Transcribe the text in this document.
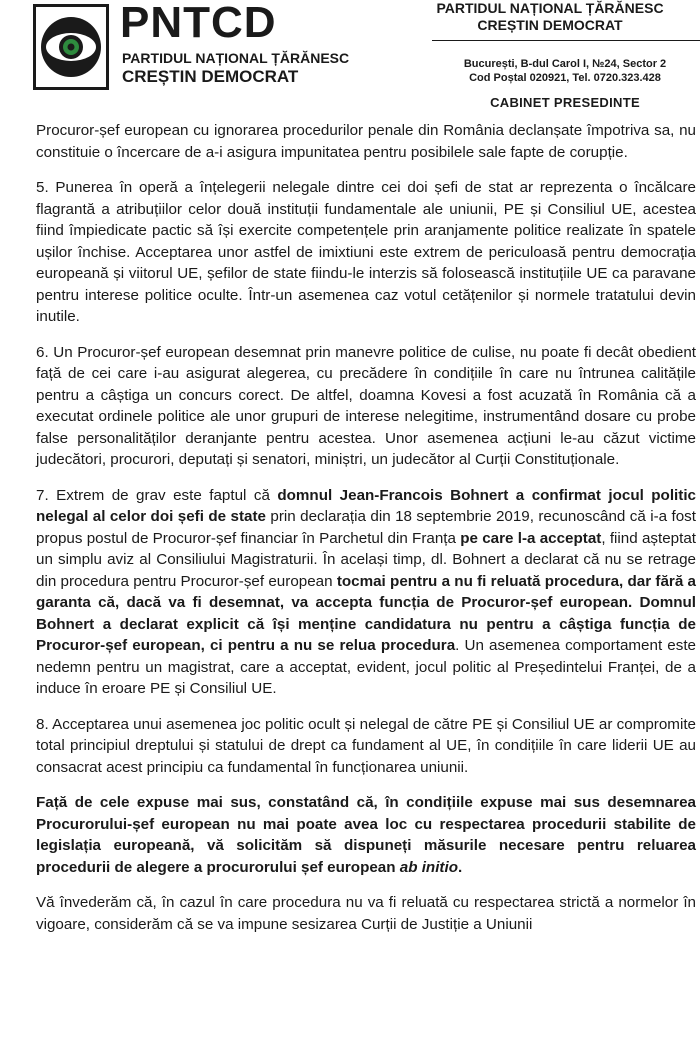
PNTCD
PARTIDUL NAȚIONAL ȚĂRĂNESC
CREȘTIN DEMOCRAT
PARTIDUL NAȚIONAL ȚĂRĂNESC
CREȘTIN DEMOCRAT
București, B-dul Carol I, №24, Sector 2
Cod Poștal 020921, Tel. 0720.323.428
CABINET PRESEDINTE

Procuror-șef european cu ignorarea procedurilor penale din România declanșate împotriva sa, nu constituie o încercare de a-i asigura impunitatea pentru posibilele sale fapte de corupție.

5. Punerea în operă a înțelegerii nelegale dintre cei doi șefi de stat ar reprezenta o încălcare flagrantă a atribuțiilor celor două instituții fundamentale ale uniunii, PE și Consiliul UE, acestea fiind împiedicate pactic să își exercite competențele prin aranjamente politice realizate în spatele ușilor închise. Acceptarea unor astfel de imixtiuni este extrem de periculoasă pentru democrația europeană și viitorul UE, șefilor de state fiindu-le interzis să folosească instituțiile UE ca paravane pentru interese politice oculte. Într-un asemenea caz votul cetățenilor și normele tratatului devin inutile.

6. Un Procuror-șef european desemnat prin manevre politice de culise, nu poate fi decât obedient față de cei care i-au asigurat alegerea, cu precădere în condițiile în care nu întrunea calitățile pentru a câștiga un concurs corect. De altfel, doamna Kovesi a fost acuzată în România că a executat ordinele politice ale unor grupuri de interese nelegitime, instrumentând dosare cu probe false personalităților deranjante pentru acestea. Unor asemenea acțiuni le-au căzut victime judecători, procurori, deputați și senatori, miniștri, un judecător al Curții Constituționale.

7. Extrem de grav este faptul că domnul Jean-Francois Bohnert a confirmat jocul politic nelegal al celor doi șefi de state prin declarația din 18 septembrie 2019, recunoscând că i-a fost propus postul de Procuror-șef financiar în Parchetul din Franța pe care l-a acceptat, fiind așteptat un simplu aviz al Consiliului Magistraturii. În același timp, dl. Bohnert a declarat că nu se retrage din procedura pentru Procuror-șef european tocmai pentru a nu fi reluată procedura, dar fără a garanta că, dacă va fi desemnat, va accepta funcția de Procuror-șef european. Domnul Bohnert a declarat explicit că își menține candidatura nu pentru a câștiga funcția de Procuror-șef european, ci pentru a nu se relua procedura. Un asemenea comportament este nedemn pentru un magistrat, care a acceptat, evident, jocul politic al Președintelui Franței, de a induce în eroare PE și Consiliul UE.

8. Acceptarea unui asemenea joc politic ocult și nelegal de către PE și Consiliul UE ar compromite total principiul dreptului și statului de drept ca fundament al UE, în condițiile în care liderii UE au consacrat acest principiu ca fundamental în funcționarea uniunii.

Față de cele expuse mai sus, constatând că, în condițiile expuse mai sus desemnarea Procurorului-șef european nu mai poate avea loc cu respectarea procedurii stabilite de legislația europeană, vă solicităm să dispuneți măsurile necesare pentru reluarea procedurii de alegere a procurorului șef european ab initio.

Vă învederăm că, în cazul în care procedura nu va fi reluată cu respectarea strictă a normelor în vigoare, considerăm că se va impune sesizarea Curții de Justiție a Uniunii
